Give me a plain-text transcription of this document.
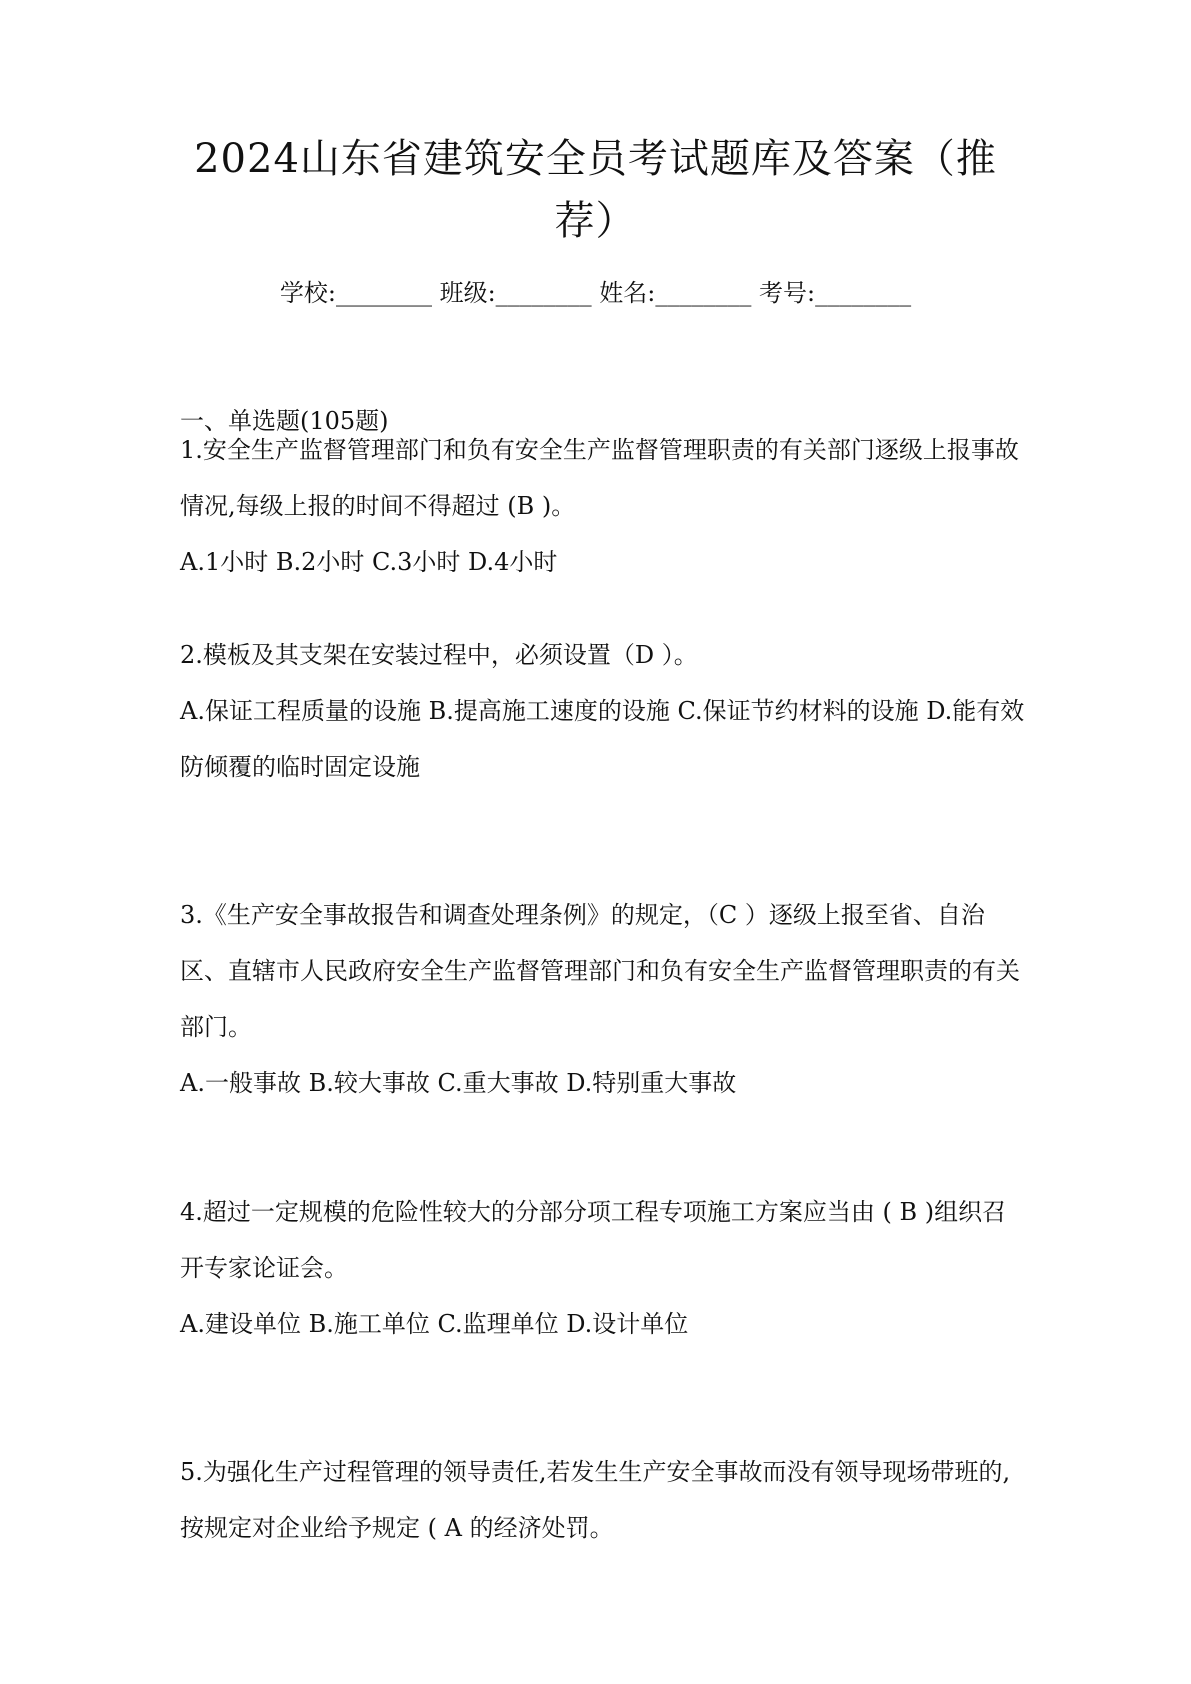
2024山东省建筑安全员考试题库及答案（推荐）
学校:________ 班级:________ 姓名:________ 考号:________
一、单选题(105题)

1.安全生产监督管理部门和负有安全生产监督管理职责的有关部门逐级上报事故情况,每级上报的时间不得超过 (B )。

A.1小时 B.2小时 C.3小时 D.4小时

2.模板及其支架在安装过程中，必须设置（D ）。

A.保证工程质量的设施 B.提高施工速度的设施 C.保证节约材料的设施 D.能有效防倾覆的临时固定设施

3.《生产安全事故报告和调查处理条例》的规定，（C ）逐级上报至省、自治区、直辖市人民政府安全生产监督管理部门和负有安全生产监督管理职责的有关部门。

A.一般事故 B.较大事故 C.重大事故 D.特别重大事故

4.超过一定规模的危险性较大的分部分项工程专项施工方案应当由 ( B )组织召开专家论证会。

A.建设单位 B.施工单位 C.监理单位 D.设计单位

5.为强化生产过程管理的领导责任,若发生生产安全事故而没有领导现场带班的,按规定对企业给予规定 ( A 的经济处罚。
